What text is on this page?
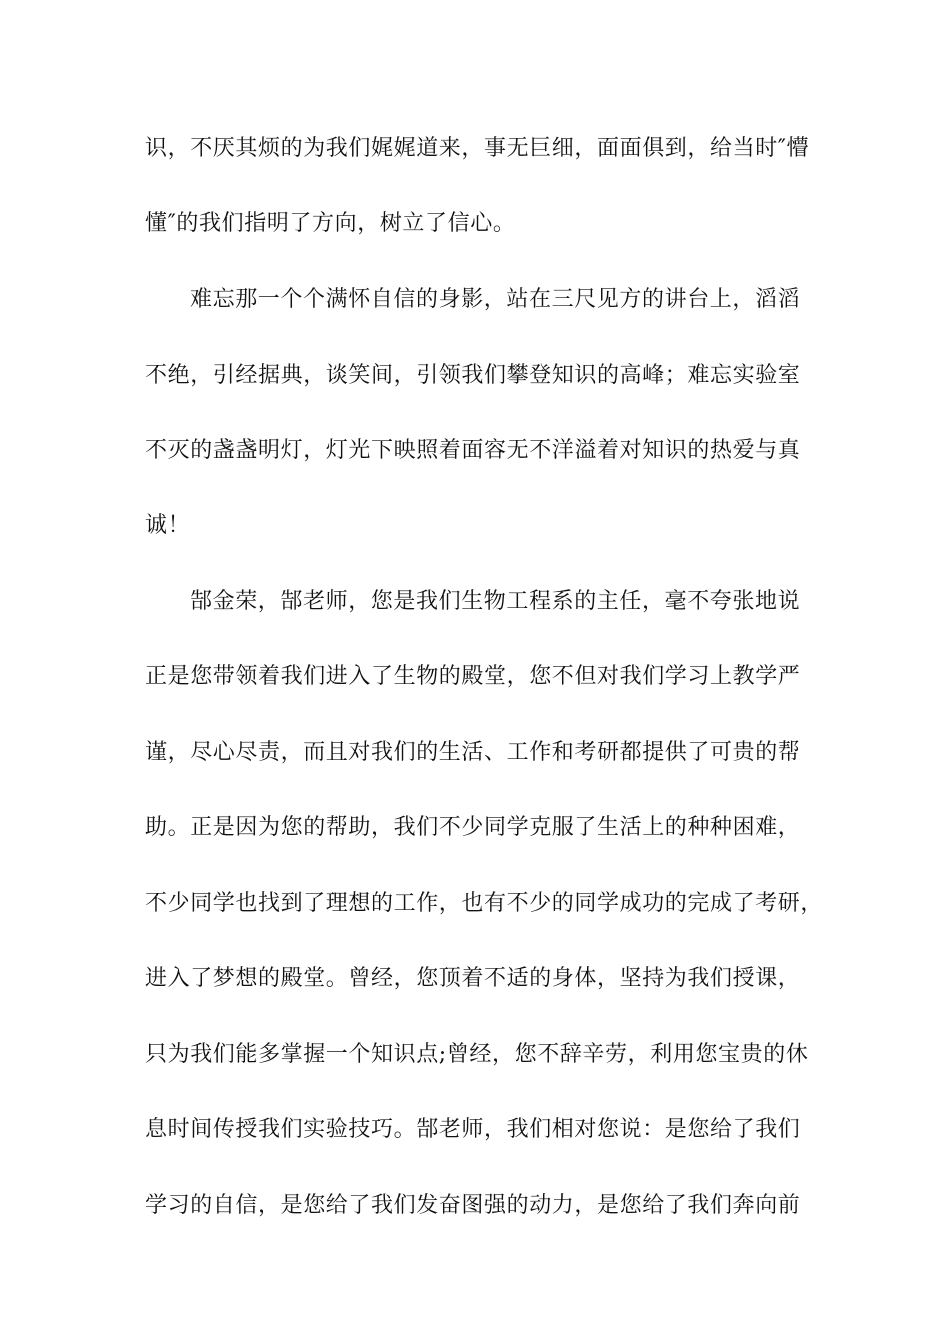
识，不厌其烦的为我们娓娓道来，事无巨细，面面俱到，给当时″懵
懂″的我们指明了方向，树立了信心。
难忘那一个个满怀自信的身影，站在三尺见方的讲台上，滔滔
不绝，引经据典，谈笑间，引领我们攀登知识的高峰；难忘实验室
不灭的盏盏明灯，灯光下映照着面容无不洋溢着对知识的热爱与真
诚！
郜金荣，郜老师，您是我们生物工程系的主任，毫不夸张地说
正是您带领着我们进入了生物的殿堂，您不但对我们学习上教学严
谨，尽心尽责，而且对我们的生活、工作和考研都提供了可贵的帮
助。正是因为您的帮助，我们不少同学克服了生活上的种种困难，
不少同学也找到了理想的工作，也有不少的同学成功的完成了考研，
进入了梦想的殿堂。曾经，您顶着不适的身体，坚持为我们授课，
只为我们能多掌握一个知识点;曾经，您不辞辛劳，利用您宝贵的休
息时间传授我们实验技巧。郜老师，我们相对您说：是您给了我们
学习的自信，是您给了我们发奋图强的动力，是您给了我们奔向前
